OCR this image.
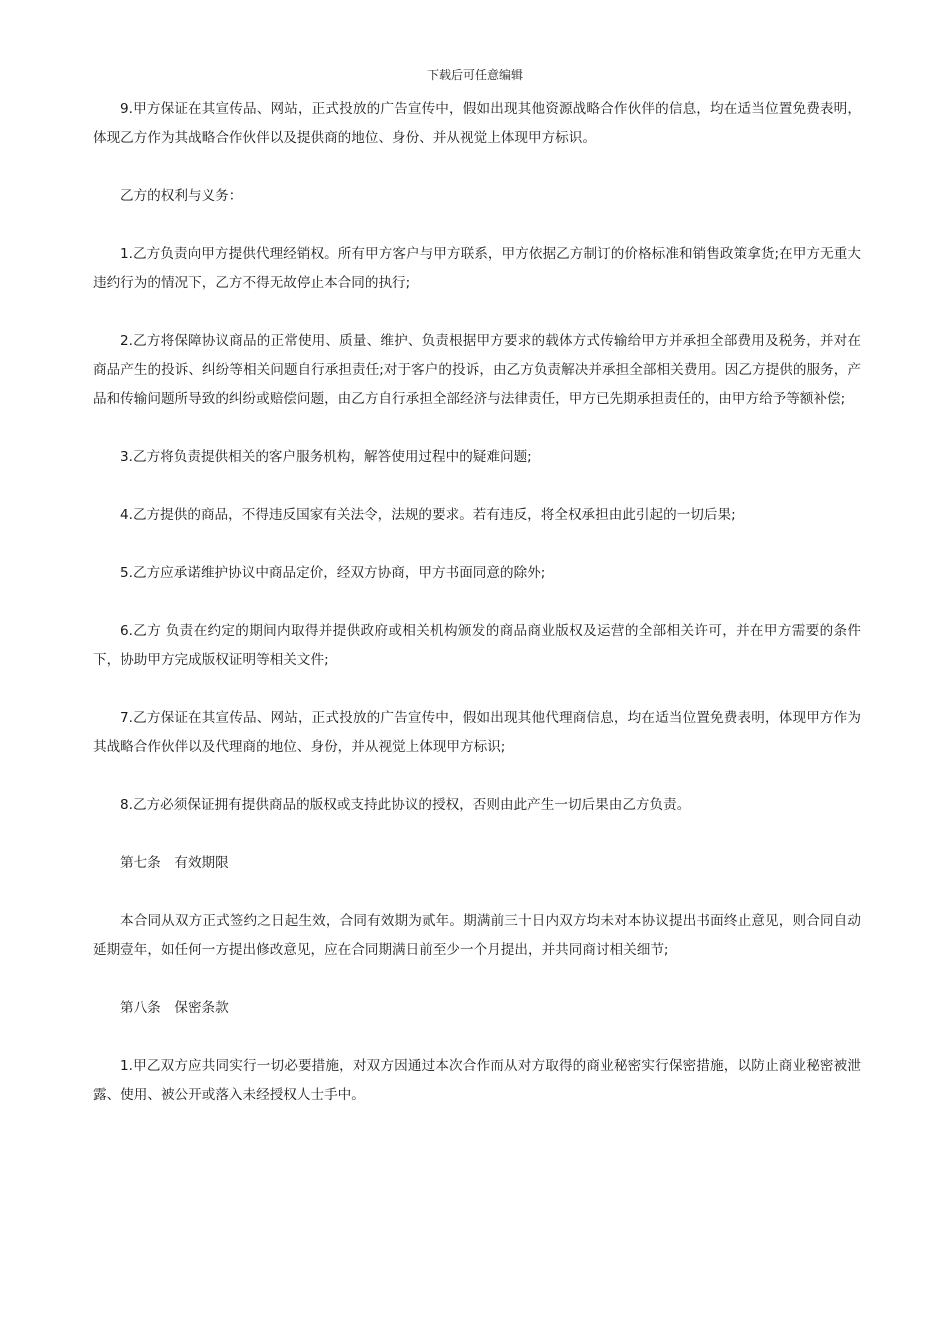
下载后可任意编辑

9.甲方保证在其宣传品、网站，正式投放的广告宣传中，假如出现其他资源战略合作伙伴的信息，均在适当位置免费表明，体现乙方作为其战略合作伙伴以及提供商的地位、身份、并从视觉上体现甲方标识。

乙方的权利与义务：

1.乙方负责向甲方提供代理经销权。所有甲方客户与甲方联系，甲方依据乙方制订的价格标准和销售政策拿货;在甲方无重大违约行为的情况下，乙方不得无故停止本合同的执行;

2.乙方将保障协议商品的正常使用、质量、维护、负责根据甲方要求的载体方式传输给甲方并承担全部费用及税务，并对在商品产生的投诉、纠纷等相关问题自行承担责任;对于客户的投诉，由乙方负责解决并承担全部相关费用。因乙方提供的服务，产品和传输问题所导致的纠纷或赔偿问题，由乙方自行承担全部经济与法律责任，甲方已先期承担责任的，由甲方给予等额补偿;

3.乙方将负责提供相关的客户服务机构，解答使用过程中的疑难问题;

4.乙方提供的商品，不得违反国家有关法令，法规的要求。若有违反，将全权承担由此引起的一切后果;

5.乙方应承诺维护协议中商品定价，经双方协商，甲方书面同意的除外;

6.乙方 负责在约定的期间内取得并提供政府或相关机构颁发的商品商业版权及运营的全部相关许可，并在甲方需要的条件下，协助甲方完成版权证明等相关文件;

7.乙方保证在其宣传品、网站，正式投放的广告宣传中，假如出现其他代理商信息，均在适当位置免费表明，体现甲方作为其战略合作伙伴以及代理商的地位、身份，并从视觉上体现甲方标识;

8.乙方必须保证拥有提供商品的版权或支持此协议的授权，否则由此产生一切后果由乙方负责。

第七条　有效期限

本合同从双方正式签约之日起生效，合同有效期为贰年。期满前三十日内双方均未对本协议提出书面终止意见，则合同自动延期壹年，如任何一方提出修改意见，应在合同期满日前至少一个月提出，并共同商讨相关细节;

第八条　保密条款

1.甲乙双方应共同实行一切必要措施，对双方因通过本次合作而从对方取得的商业秘密实行保密措施，以防止商业秘密被泄露、使用、被公开或落入未经授权人士手中。
